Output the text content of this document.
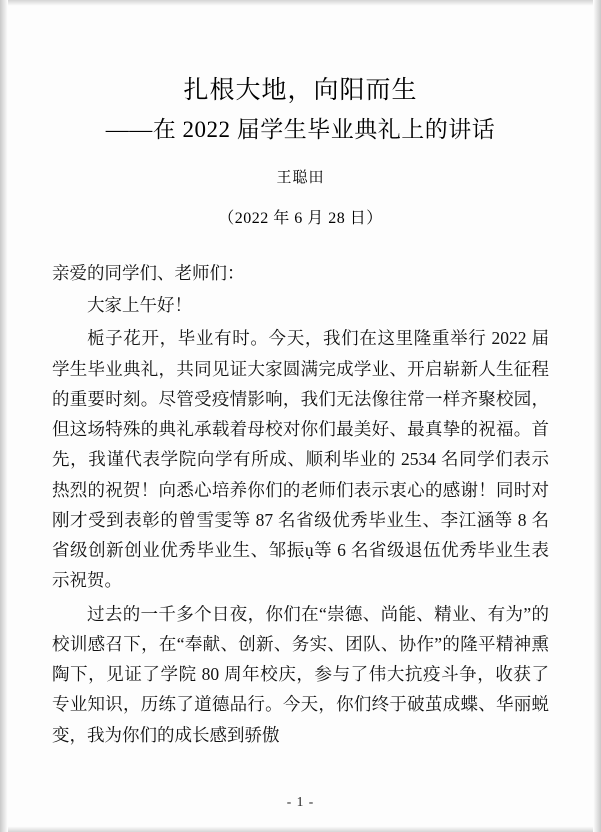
扎根大地，向阳而生
——在 2022 届学生毕业典礼上的讲话
王聪田
（2022 年 6 月 28 日）

亲爱的同学们、老师们：

大家上午好！

栀子花开，毕业有时。今天，我们在这里隆重举行 2022 届学生毕业典礼，共同见证大家圆满完成学业、开启崭新人生征程的重要时刻。尽管受疫情影响，我们无法像往常一样齐聚校园，但这场特殊的典礼承载着母校对你们最美好、最真挚的祝福。首先，我谨代表学院向学有所成、顺利毕业的 2534 名同学们表示热烈的祝贺！向悉心培养你们的老师们表示衷心的感谢！同时对刚才受到表彰的曾雪雯等 87 名省级优秀毕业生、李江涵等 8 名省级创新创业优秀毕业生、邹振ụ等 6 名省级退伍优秀毕业生表示祝贺。

过去的一千多个日夜，你们在“崇德、尚能、精业、有为”的校训感召下，在“奉献、创新、务实、团队、协作”的隆平精神熏陶下，见证了学院 80 周年校庆，参与了伟大抗疫斗争，收获了专业知识，历练了道德品行。今天，你们终于破茧成蝶、华丽蜕变，我为你们的成长感到骄傲

- 1 -
